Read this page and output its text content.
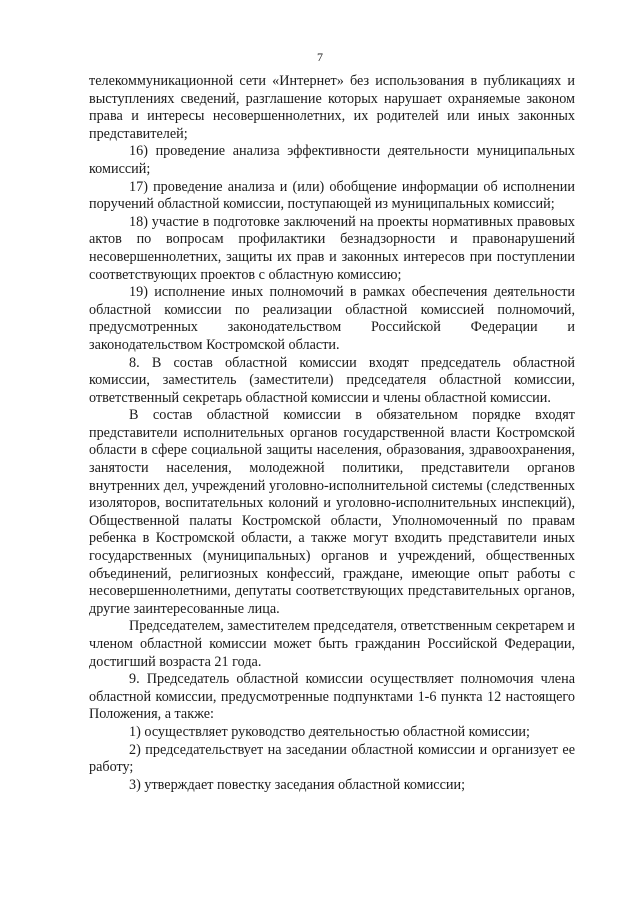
7

телекоммуникационной сети «Интернет» без использования в публикациях и выступлениях сведений, разглашение которых нарушает охраняемые законом права и интересы несовершеннолетних, их родителей или иных законных представителей;

16) проведение анализа эффективности деятельности муниципальных комиссий;

17) проведение анализа и (или) обобщение информации об исполнении поручений областной комиссии, поступающей из муниципальных комиссий;

18) участие в подготовке заключений на проекты нормативных правовых актов по вопросам профилактики безнадзорности и правонарушений несовершеннолетних, защиты их прав и законных интересов при поступлении соответствующих проектов с областную комиссию;

19) исполнение иных полномочий в рамках обеспечения деятельности областной комиссии по реализации областной комиссией полномочий, предусмотренных законодательством Российской Федерации и законодательством Костромской области.

8. В состав областной комиссии входят председатель областной комиссии, заместитель (заместители) председателя областной комиссии, ответственный секретарь областной комиссии и члены областной комиссии.

В состав областной комиссии в обязательном порядке входят представители исполнительных органов государственной власти Костромской области в сфере социальной защиты населения, образования, здравоохранения, занятости населения, молодежной политики, представители органов внутренних дел, учреждений уголовно-исполнительной системы (следственных изоляторов, воспитательных колоний и уголовно-исполнительных инспекций), Общественной палаты Костромской области, Уполномоченный по правам ребенка в Костромской области, а также могут входить представители иных государственных (муниципальных) органов и учреждений, общественных объединений, религиозных конфессий, граждане, имеющие опыт работы с несовершеннолетними, депутаты соответствующих представительных органов, другие заинтересованные лица.

Председателем, заместителем председателя, ответственным секретарем и членом областной комиссии может быть гражданин Российской Федерации, достигший возраста 21 года.

9. Председатель областной комиссии осуществляет полномочия члена областной комиссии, предусмотренные подпунктами 1-6 пункта 12 настоящего Положения, а также:

1) осуществляет руководство деятельностью областной комиссии;

2) председательствует на заседании областной комиссии и организует ее работу;

3) утверждает повестку заседания областной комиссии;
